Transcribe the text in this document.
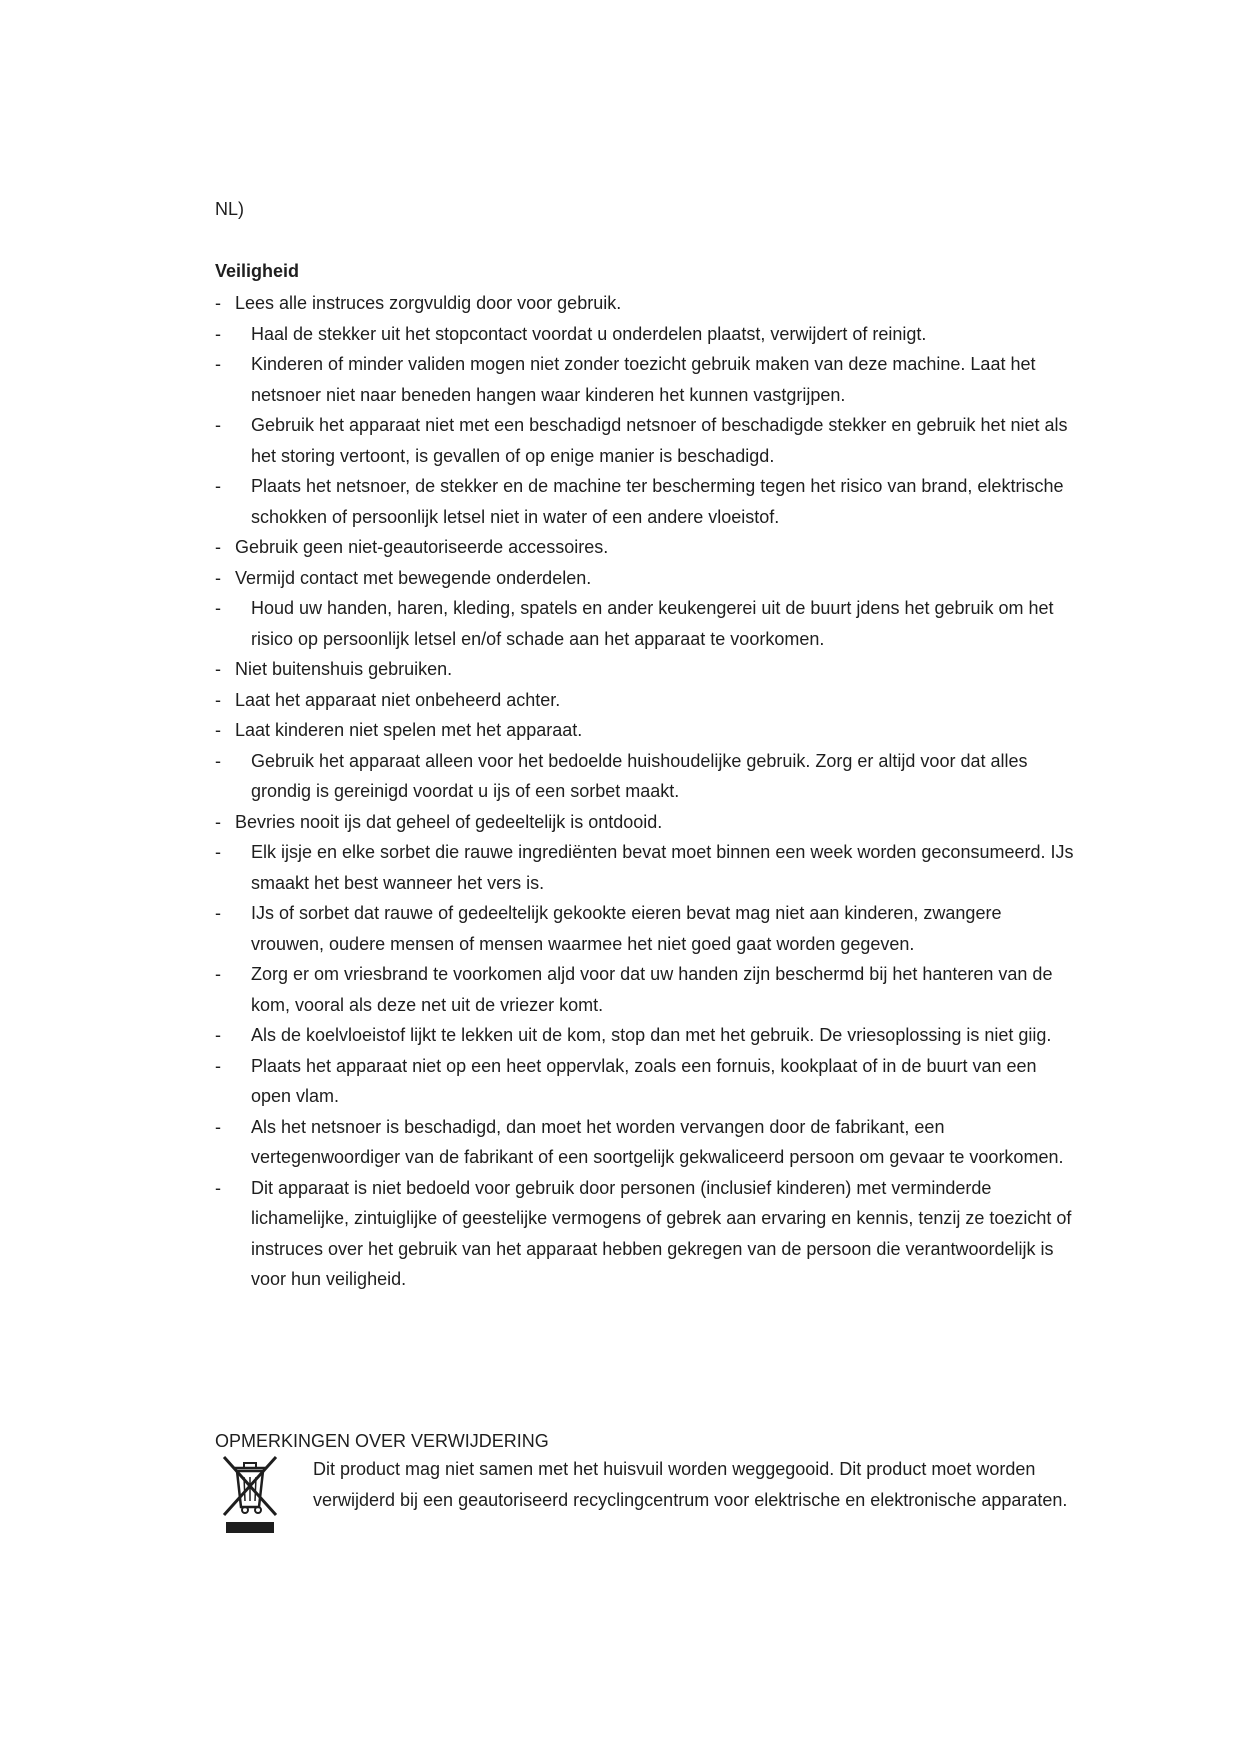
NL)
Veiligheid
- Lees alle instruces zorgvuldig door voor gebruik.
-	Haal de stekker uit het stopcontact voordat u onderdelen plaatst, verwijdert of reinigt.
-	Kinderen of minder validen mogen niet zonder toezicht gebruik maken van deze machine. Laat het netsnoer niet naar beneden hangen waar kinderen het kunnen vastgrijpen.
-	Gebruik het apparaat niet met een beschadigd netsnoer of beschadigde stekker en gebruik het niet als het storing vertoont, is gevallen of op enige manier is beschadigd.
-	Plaats het netsnoer, de stekker en de machine ter bescherming tegen het risico van brand, elektrische schokken of persoonlijk letsel niet in water of een andere vloeistof.
- Gebruik geen niet-geautoriseerde accessoires.
- Vermijd contact met bewegende onderdelen.
-	Houd uw handen, haren, kleding, spatels en ander keukengerei uit de buurt jdens het gebruik om het risico op persoonlijk letsel en/of schade aan het apparaat te voorkomen.
- Niet buitenshuis gebruiken.
- Laat het apparaat niet onbeheerd achter.
- Laat kinderen niet spelen met het apparaat.
-	Gebruik het apparaat alleen voor het bedoelde huishoudelijke gebruik. Zorg er altijd voor dat alles grondig is gereinigd voordat u ijs of een sorbet maakt.
- Bevries nooit ijs dat geheel of gedeeltelijk is ontdooid.
-	Elk ijsje en elke sorbet die rauwe ingrediënten bevat moet binnen een week worden geconsumeerd. IJs smaakt het best wanneer het vers is.
-	IJs of sorbet dat rauwe of gedeeltelijk gekookte eieren bevat mag niet aan kinderen, zwangere vrouwen, oudere mensen of mensen waarmee het niet goed gaat worden gegeven.
-	Zorg er om vriesbrand te voorkomen aljd voor dat uw handen zijn beschermd bij het hanteren van de kom, vooral als deze net uit de vriezer komt.
-	Als de koelvloeistof lijkt te lekken uit de kom, stop dan met het gebruik. De vriesoplossing is niet giig.
-	Plaats het apparaat niet op een heet oppervlak, zoals een fornuis, kookplaat of in de buurt van een open vlam.
-	Als het netsnoer is beschadigd, dan moet het worden vervangen door de fabrikant, een vertegenwoordiger van de fabrikant of een soortgelijk gekwaliceerd persoon om gevaar te voorkomen.
-	Dit apparaat is niet bedoeld voor gebruik door personen (inclusief kinderen) met verminderde lichamelijke, zintuiglijke of geestelijke vermogens of gebrek aan ervaring en kennis, tenzij ze toezicht of instruces over het gebruik van het apparaat hebben gekregen van de persoon die verantwoordelijk is voor hun veiligheid.
OPMERKINGEN OVER VERWIJDERING
Dit product mag niet samen met het huisvuil worden weggegooid. Dit product moet worden verwijderd bij een geautoriseerd recyclingcentrum voor elektrische en elektronische apparaten.
